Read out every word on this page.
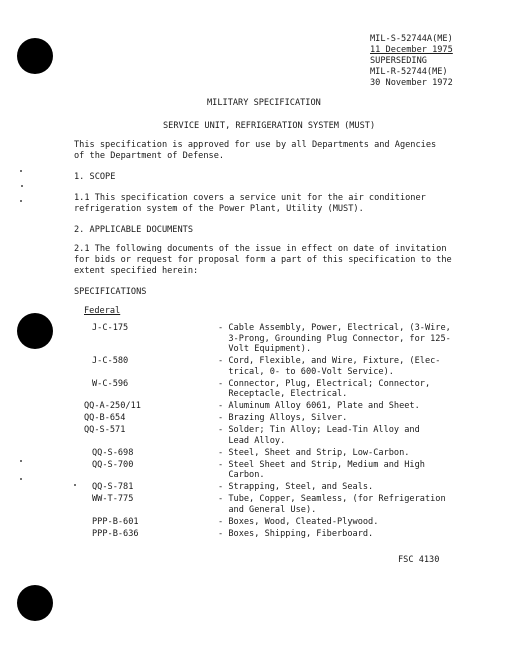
MIL-S-52744A(ME)
11 December 1975
SUPERSEDING
MIL-R-52744(ME)
30 November 1972
MILITARY SPECIFICATION
SERVICE UNIT, REFRIGERATION SYSTEM (MUST)
This specification is approved for use by all Departments and Agencies
of the Department of Defense.
1. SCOPE
1.1 This specification covers a service unit for the air conditioner
refrigeration system of the Power Plant, Utility (MUST).
2. APPLICABLE DOCUMENTS
2.1 The following documents of the issue in effect on date of invitation
for bids or request for proposal form a part of this specification to the
extent specified herein:
SPECIFICATIONS
Federal
J-C-175	- Cable Assembly, Power, Electrical, (3-Wire,
3-Prong, Grounding Plug Connector, for 125-
Volt Equipment).
J-C-580	- Cord, Flexible, and Wire, Fixture, (Elec-
trical, 0- to 600-Volt Service).
W-C-596	- Connector, Plug, Electrical; Connector,
Receptacle, Electrical.
QQ-A-250/11	- Aluminum Alloy 6061, Plate and Sheet.
QQ-B-654	- Brazing Alloys, Silver.
QQ-S-571	- Solder; Tin Alloy; Lead-Tin Alloy and
Lead Alloy.
QQ-S-698	- Steel, Sheet and Strip, Low-Carbon.
QQ-S-700	- Steel Sheet and Strip, Medium and High
Carbon.
QQ-S-781	- Strapping, Steel, and Seals.
WW-T-775	- Tube, Copper, Seamless, (for Refrigeration
and General Use).
PPP-B-601	- Boxes, Wood, Cleated-Plywood.
PPP-B-636	- Boxes, Shipping, Fiberboard.
FSC 4130
